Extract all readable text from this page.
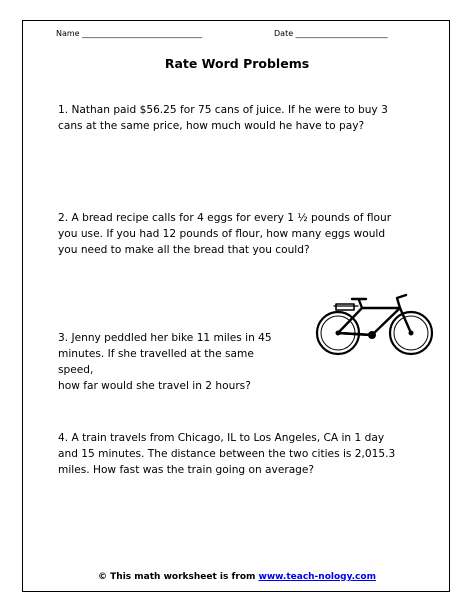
Name ______________________________	Date _______________________
Rate Word Problems
1. Nathan paid $56.25 for 75 cans of juice. If he were to buy 3
cans at the same price, how much would he have to pay?
2. A bread recipe calls for 4 eggs for every 1 ½ pounds of flour
you use. If you had 12 pounds of flour, how many eggs would
you need to make all the bread that you could?
3. Jenny peddled her bike 11 miles in 45
minutes. If she travelled at the same speed,
how far would she travel in 2 hours?
4. A train travels from Chicago, IL to Los Angeles, CA in 1 day
and 15 minutes. The distance between the two cities is 2,015.3
miles. How fast was the train going on average?
© This math worksheet is from www.teach-nology.com
